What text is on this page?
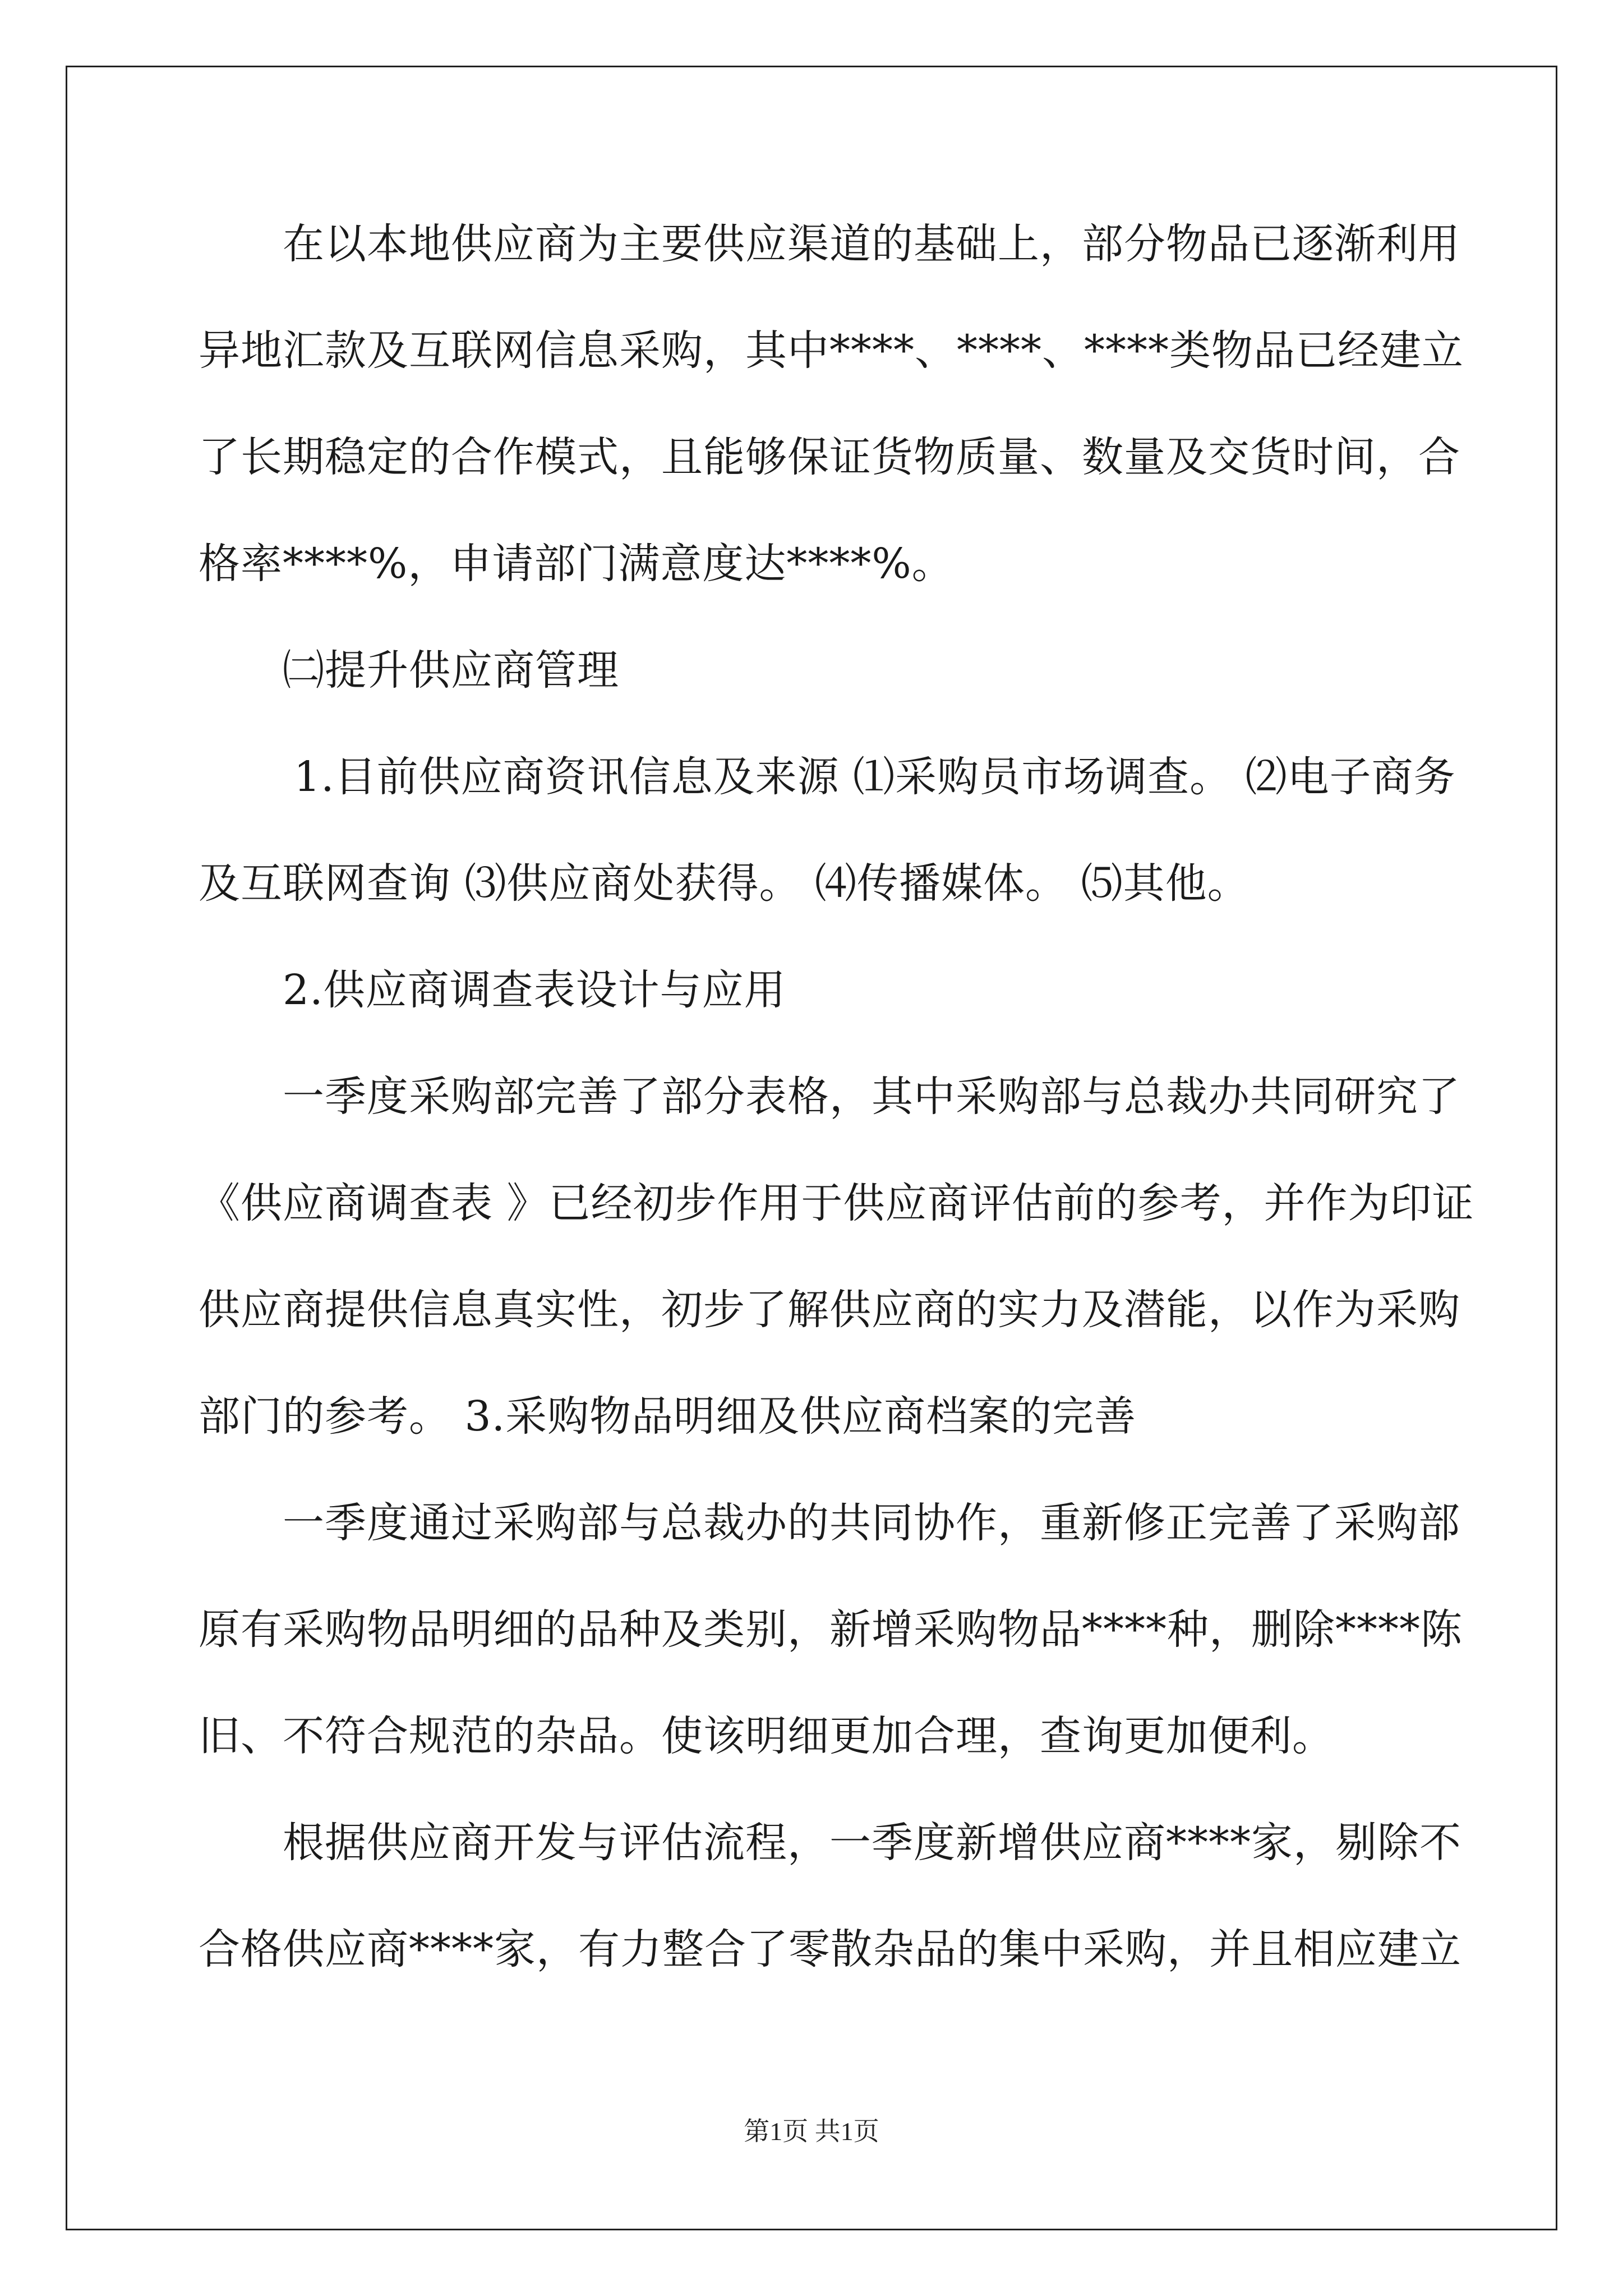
在以本地供应商为主要供应渠道的基础上，部分物品已逐渐利用
异地汇款及互联网信息采购，其中****、****、****类物品已经建立
了长期稳定的合作模式，且能够保证货物质量、数量及交货时间，合
格率****%，申请部门满意度达****%。
㈡提升供应商管理
1.目前供应商资讯信息及来源 ⑴采购员市场调查。 ⑵电子商务
及互联网查询 ⑶供应商处获得。 ⑷传播媒体。 ⑸其他。
2.供应商调查表设计与应用
一季度采购部完善了部分表格，其中采购部与总裁办共同研究了
《供应商调查表 》已经初步作用于供应商评估前的参考，并作为印证
供应商提供信息真实性，初步了解供应商的实力及潜能，以作为采购
部门的参考。 3.采购物品明细及供应商档案的完善
一季度通过采购部与总裁办的共同协作，重新修正完善了采购部
原有采购物品明细的品种及类别，新增采购物品****种，删除****陈
旧、不符合规范的杂品。使该明细更加合理，查询更加便利。
根据供应商开发与评估流程，一季度新增供应商****家，剔除不
合格供应商****家，有力整合了零散杂品的集中采购，并且相应建立
第1页 共1页
